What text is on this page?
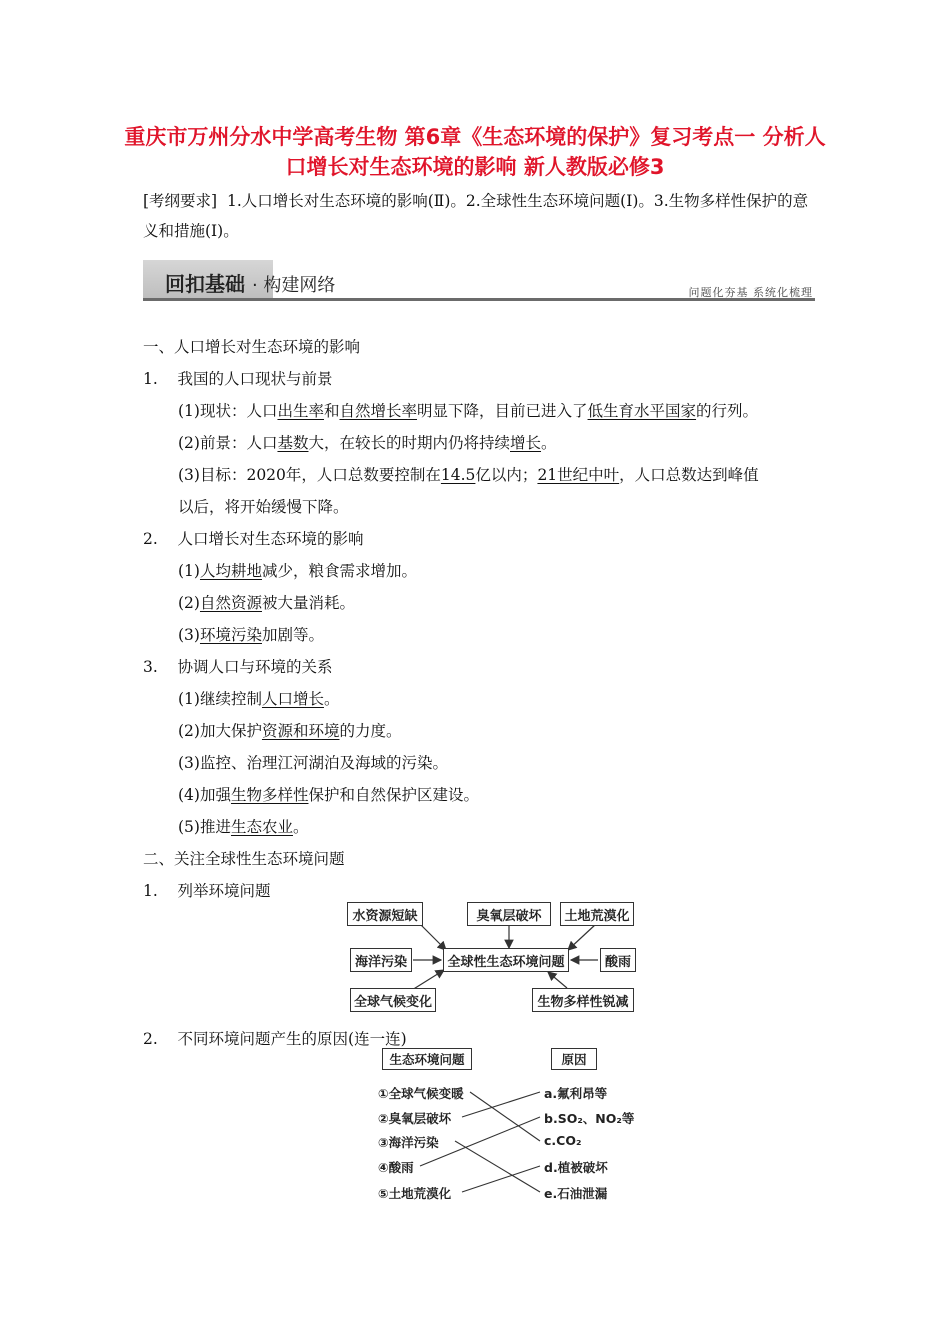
重庆市万州分水中学高考生物 第6章《生态环境的保护》复习考点一 分析人口增长对生态环境的影响 新人教版必修3
[考纲要求] 1.人口增长对生态环境的影响(Ⅱ)。2.全球性生态环境问题(Ⅰ)。3.生物多样性保护的意义和措施(Ⅰ)。
回扣基础 · 构建网络	问题化夯基 系统化梳理
一、人口增长对生态环境的影响
1. 我国的人口现状与前景
(1)现状：人口出生率和自然增长率明显下降，目前已进入了低生育水平国家的行列。
(2)前景：人口基数大，在较长的时期内仍将持续增长。
(3)目标：2020年，人口总数要控制在14.5亿以内；21世纪中叶，人口总数达到峰值
以后，将开始缓慢下降。
2. 人口增长对生态环境的影响
(1)人均耕地减少，粮食需求增加。
(2)自然资源被大量消耗。
(3)环境污染加剧等。
3. 协调人口与环境的关系
(1)继续控制人口增长。
(2)加大保护资源和环境的力度。
(3)监控、治理江河湖泊及海域的污染。
(4)加强生物多样性保护和自然保护区建设。
(5)推进生态农业。
二、关注全球性生态环境问题
1. 列举环境问题
水资源短缺	臭氧层破坏	土地荒漠化
海洋污染	全球性生态环境问题	酸雨
全球气候变化	生物多样性锐减
2. 不同环境问题产生的原因(连一连)
生态环境问题	原因
①全球气候变暖
②臭氧层破坏
③海洋污染
④酸雨
⑤土地荒漠化
a.氟利昂等
b.SO₂、NO₂等
c.CO₂
d.植被破坏
e.石油泄漏
